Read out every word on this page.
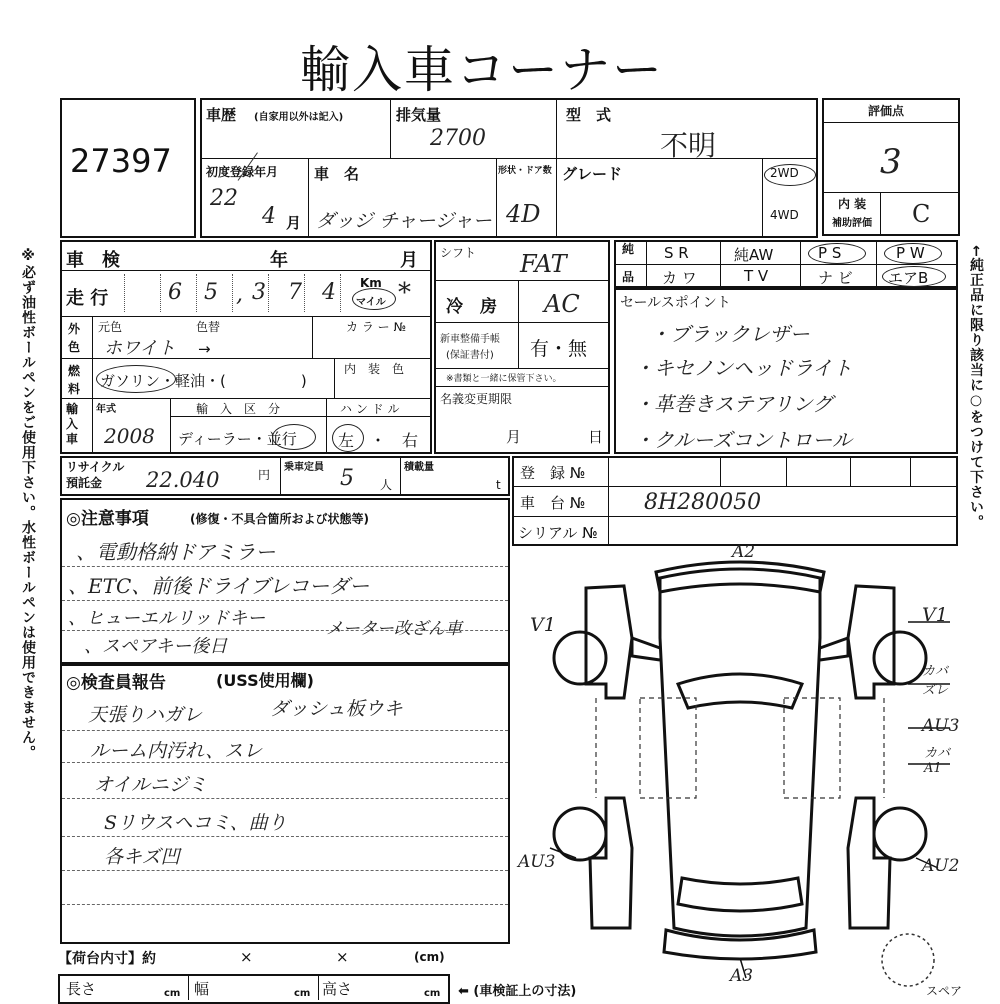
輸入車コーナー
※必ず油性ボールペンをご使用下さい。水性ボールペンは使用できません。	←純正品に限り該当に○をつけて下さい。
27397
評価点
3
内 装
補助評価 C
車歴 (自家用以外は記入)	排気量
2700
型　式
不明
初度登録年月
22
4 月
車　名
ダッジ チャージャー
形状・ドア数
4D
グレード	2WD
4WD
車　検	年	月
走 行	6 5 , 3 7 4 Km
マイル *
外
色
元色	色替	カ ラ ー №
ホワイト →
燃
料 ガソリン・軽油・(　　　　　)
内　装　色
輸入車
年式
2008
輸　入　区　分
ディーラー・並行
ハ ン ド ル
左　・　右
シフト FAT
冷　房 AC
新車整備手帳
(保証書付) 有・無
※書類と一緒に保管下さい。
名義変更期限
月	日
純
品
S R	純AW	P S	P W
カ ワ	T V	ナ ビ エアB
セールスポイント
・ブラックレザー
・キセノンヘッドライト
・革巻きステアリング
・クルーズコントロール
リサイクル
預託金 22.040	円
乗車定員 5 人
積載量
t
登　録 №
車　台 №	8H280050
シリアル №
◎注意事項	(修復・不具合箇所および状態等)
、電動格納ドアミラー
、ETC、前後ドライブレコーダー
、ヒューエルリッドキー
、スペアキー後日
メーター改ざん車
◎検査員報告	(USS使用欄)
天張りハガレ	ダッシュ板ウキ
ルーム内汚れ、スレ
オイルニジミ
Sリウスヘコミ、曲り
各キズ凹
【荷台内寸】約	×	×	(cm)
長さ	cm 幅	cm 高さ	cm ⬅ (車検証上の寸法)
A2
A3
V1	V1
カバ ズレ
AU3
カバ A1
AU2
AU3
スペア
